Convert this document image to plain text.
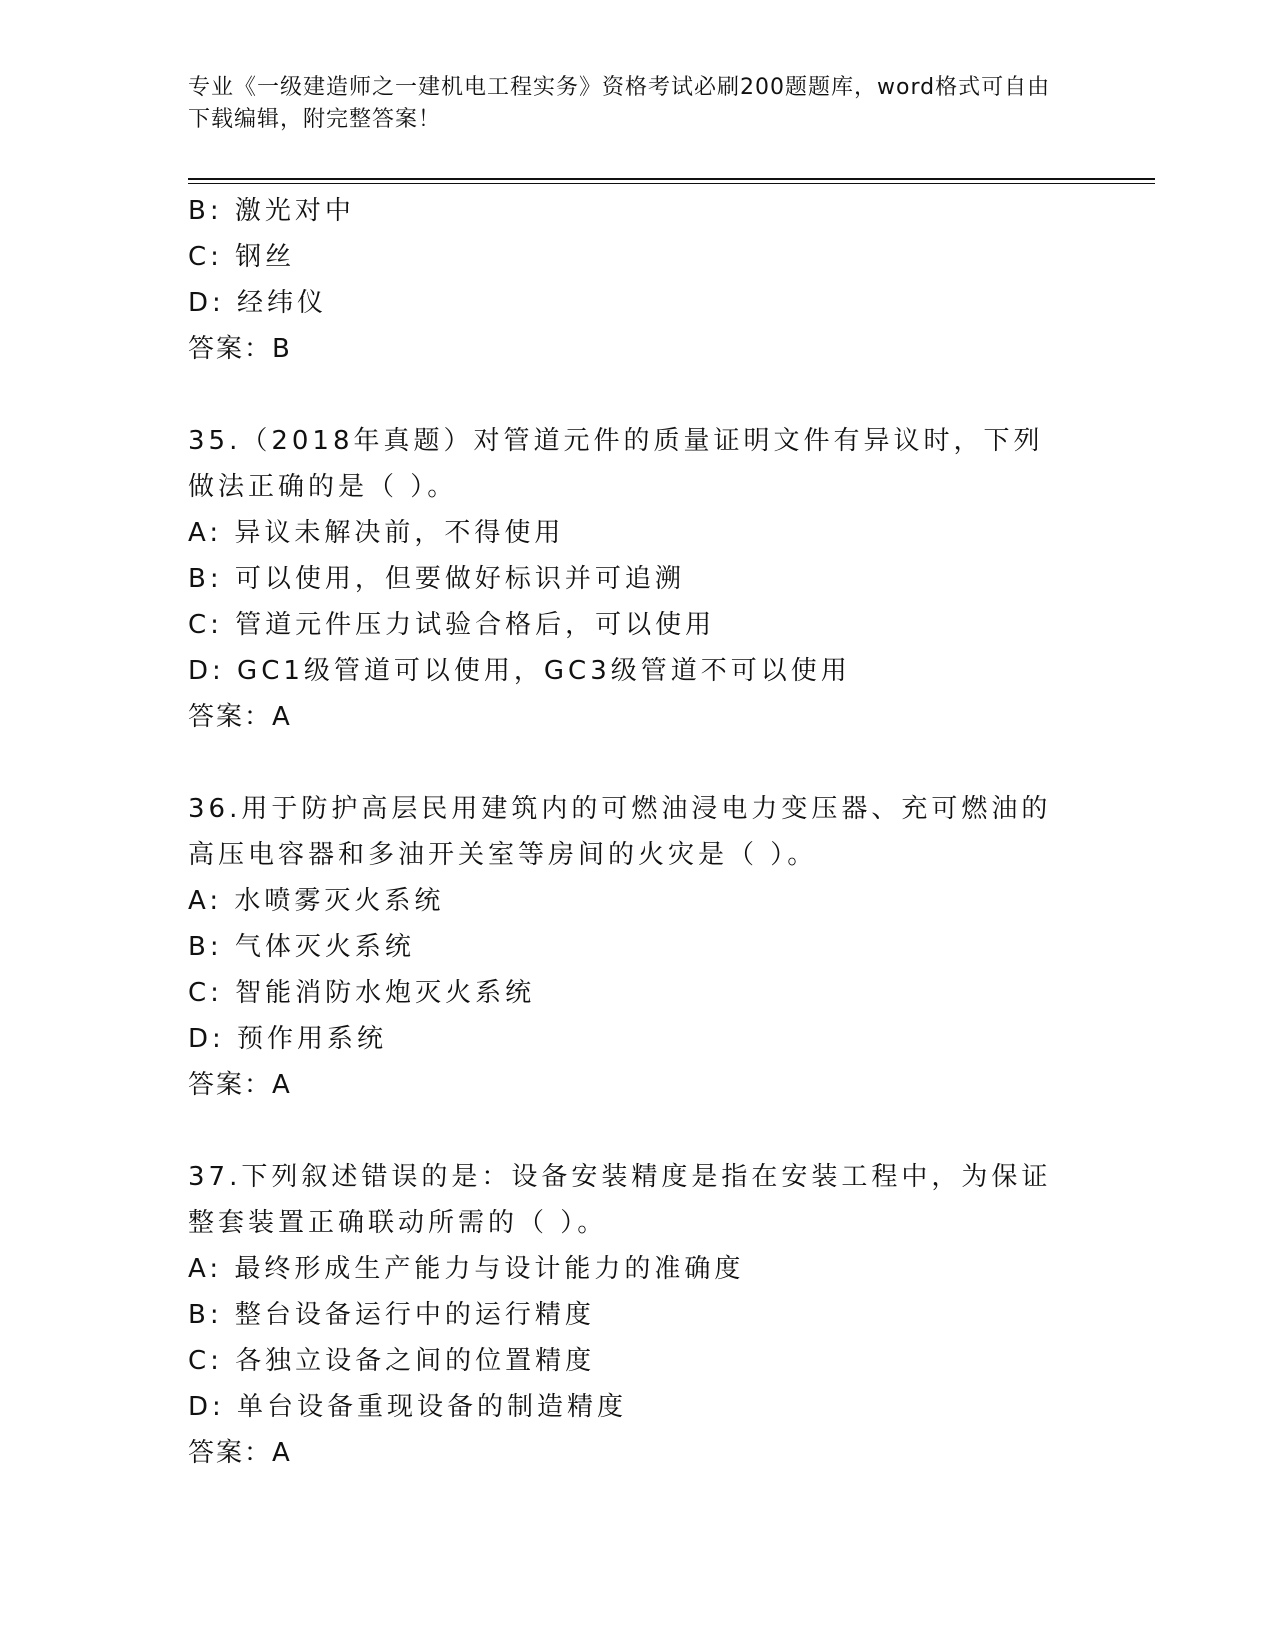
专业《一级建造师之一建机电工程实务》资格考试必刷200题题库，word格式可自由下载编辑，附完整答案！
B: 激光对中
C: 钢丝
D: 经纬仪
答案：B
35.（2018年真题）对管道元件的质量证明文件有异议时，下列做法正确的是（ ）。
A: 异议未解决前，不得使用
B: 可以使用，但要做好标识并可追溯
C: 管道元件压力试验合格后，可以使用
D: GC1级管道可以使用，GC3级管道不可以使用
答案：A
36.用于防护高层民用建筑内的可燃油浸电力变压器、充可燃油的高压电容器和多油开关室等房间的火灾是（ ）。
A: 水喷雾灭火系统
B: 气体灭火系统
C: 智能消防水炮灭火系统
D: 预作用系统
答案：A
37.下列叙述错误的是：设备安装精度是指在安装工程中，为保证整套装置正确联动所需的（ ）。
A: 最终形成生产能力与设计能力的准确度
B: 整台设备运行中的运行精度
C: 各独立设备之间的位置精度
D: 单台设备重现设备的制造精度
答案：A
